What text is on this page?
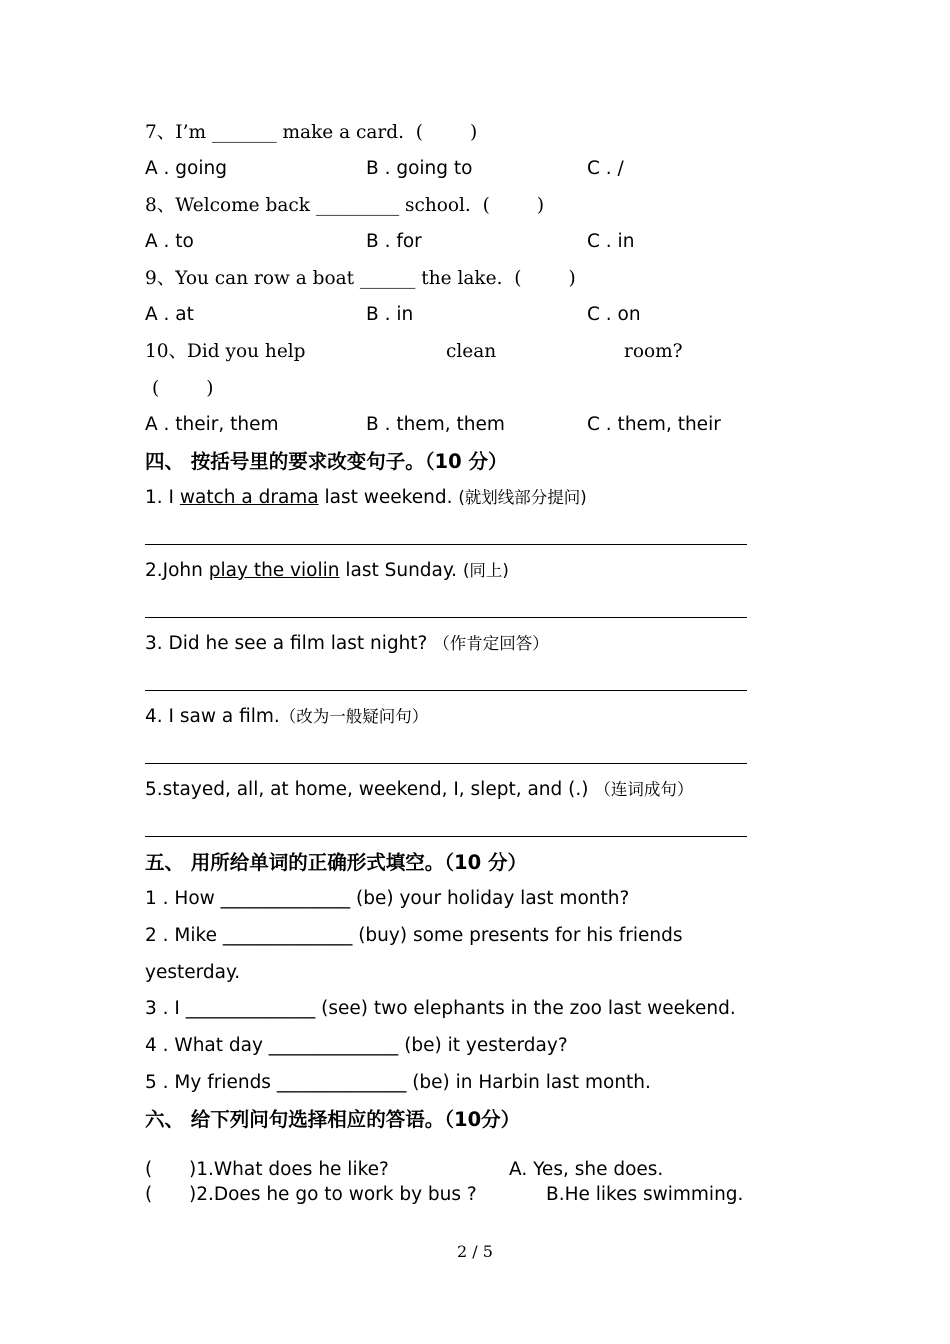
7、I’m _______ make a card.  (        )
A . going	B . going to	C . /
8、Welcome back _________ school.  (        )
A . to	B . for	C . in
9、You can row a boat ______ the lake.  (        )
A . at	B . in	C . on
10、Did you help	clean	room?
(        )
A . their, them	B . them, them	C . them, their
四、 按括号里的要求改变句子。（10 分）
1. I watch a drama last weekend. (就划线部分提问)
2.John play the violin last Sunday. (同上)
3. Did he see a film last night? （作肯定回答）
4. I saw a film.（改为一般疑问句）
5.stayed, all, at home, weekend, I, slept, and (.) （连词成句）
五、 用所给单词的正确形式填空。（10 分）
1 . How ______________ (be) your holiday last month?
2 . Mike ______________ (buy) some presents for his friends
yesterday.
3 . I ______________ (see) two elephants in the zoo last weekend.
4 . What day ______________ (be) it yesterday?
5 . My friends ______________ (be) in Harbin last month.
六、 给下列问句选择相应的答语。（10分）
( )1.What does he like?	A. Yes, she does.
( )2.Does he go to work by bus ?	B.He likes swimming.
2 / 5
